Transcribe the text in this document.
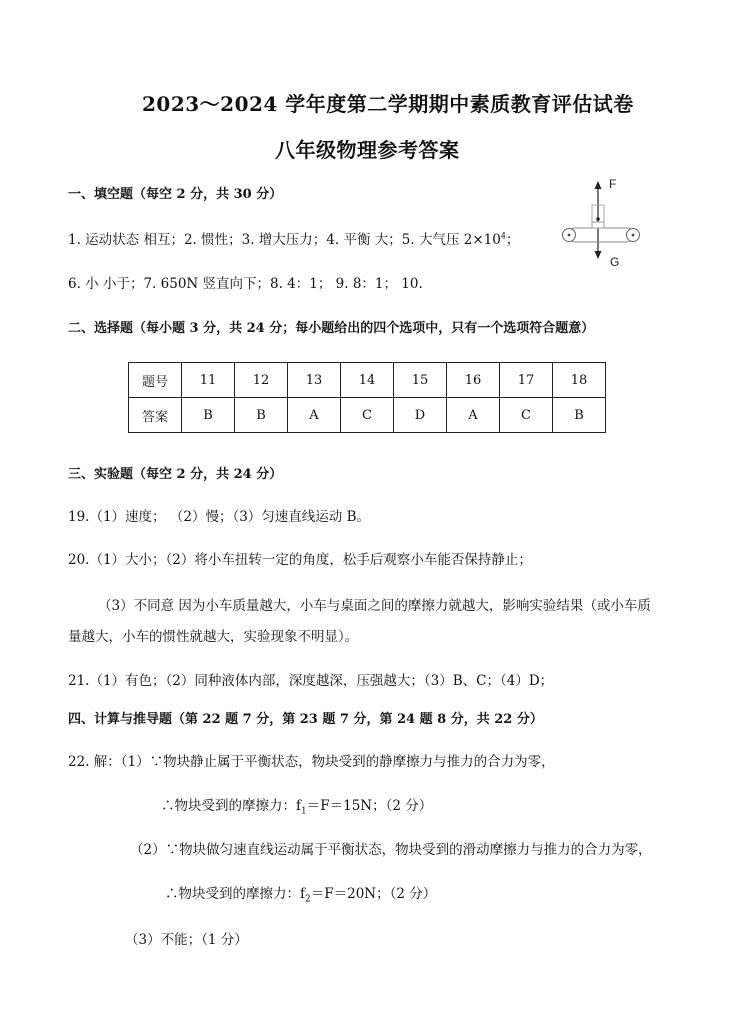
2023～2024 学年度第二学期期中素质教育评估试卷
八年级物理参考答案
一、填空题（每空 2 分，共 30 分）
1. 运动状态 相互；2. 惯性；3. 增大压力；4. 平衡 大；5. 大气压 $2\times 10^4$；
6. 小 小于；7. 650N 竖直向下；8. 4：1； 9. 8：1； 10.
F
G
二、选择题（每小题 3 分，共 24 分；每小题给出的四个选项中，只有一个选项符合题意）
题号	11	12	13	14	15	16	17	18
答案	B	B	A	C	D	A	C	B
三、实验题（每空 2 分，共 24 分）
19.（1）速度； （2）慢；（3）匀速直线运动 B。
20.（1）大小；（2）将小车扭转一定的角度，松手后观察小车能否保持静止；
（3）不同意 因为小车质量越大，小车与桌面之间的摩擦力就越大，影响实验结果（或小车质
量越大，小车的惯性就越大，实验现象不明显）。
21.（1）有色；（2）同种液体内部，深度越深，压强越大；（3）B、C；（4）D；
四、计算与推导题（第 22 题 7 分，第 23 题 7 分，第 24 题 8 分，共 22 分）
22. 解：（1）∵物块静止属于平衡状态，物块受到的静摩擦力与推力的合力为零，
∴物块受到的摩擦力：$f_1=F=15N$；（2 分）
（2）∵物块做匀速直线运动属于平衡状态，物块受到的滑动摩擦力与推力的合力为零，
∴物块受到的摩擦力：$f_2=F=20N$；（2 分）
（3）不能；（1 分）
